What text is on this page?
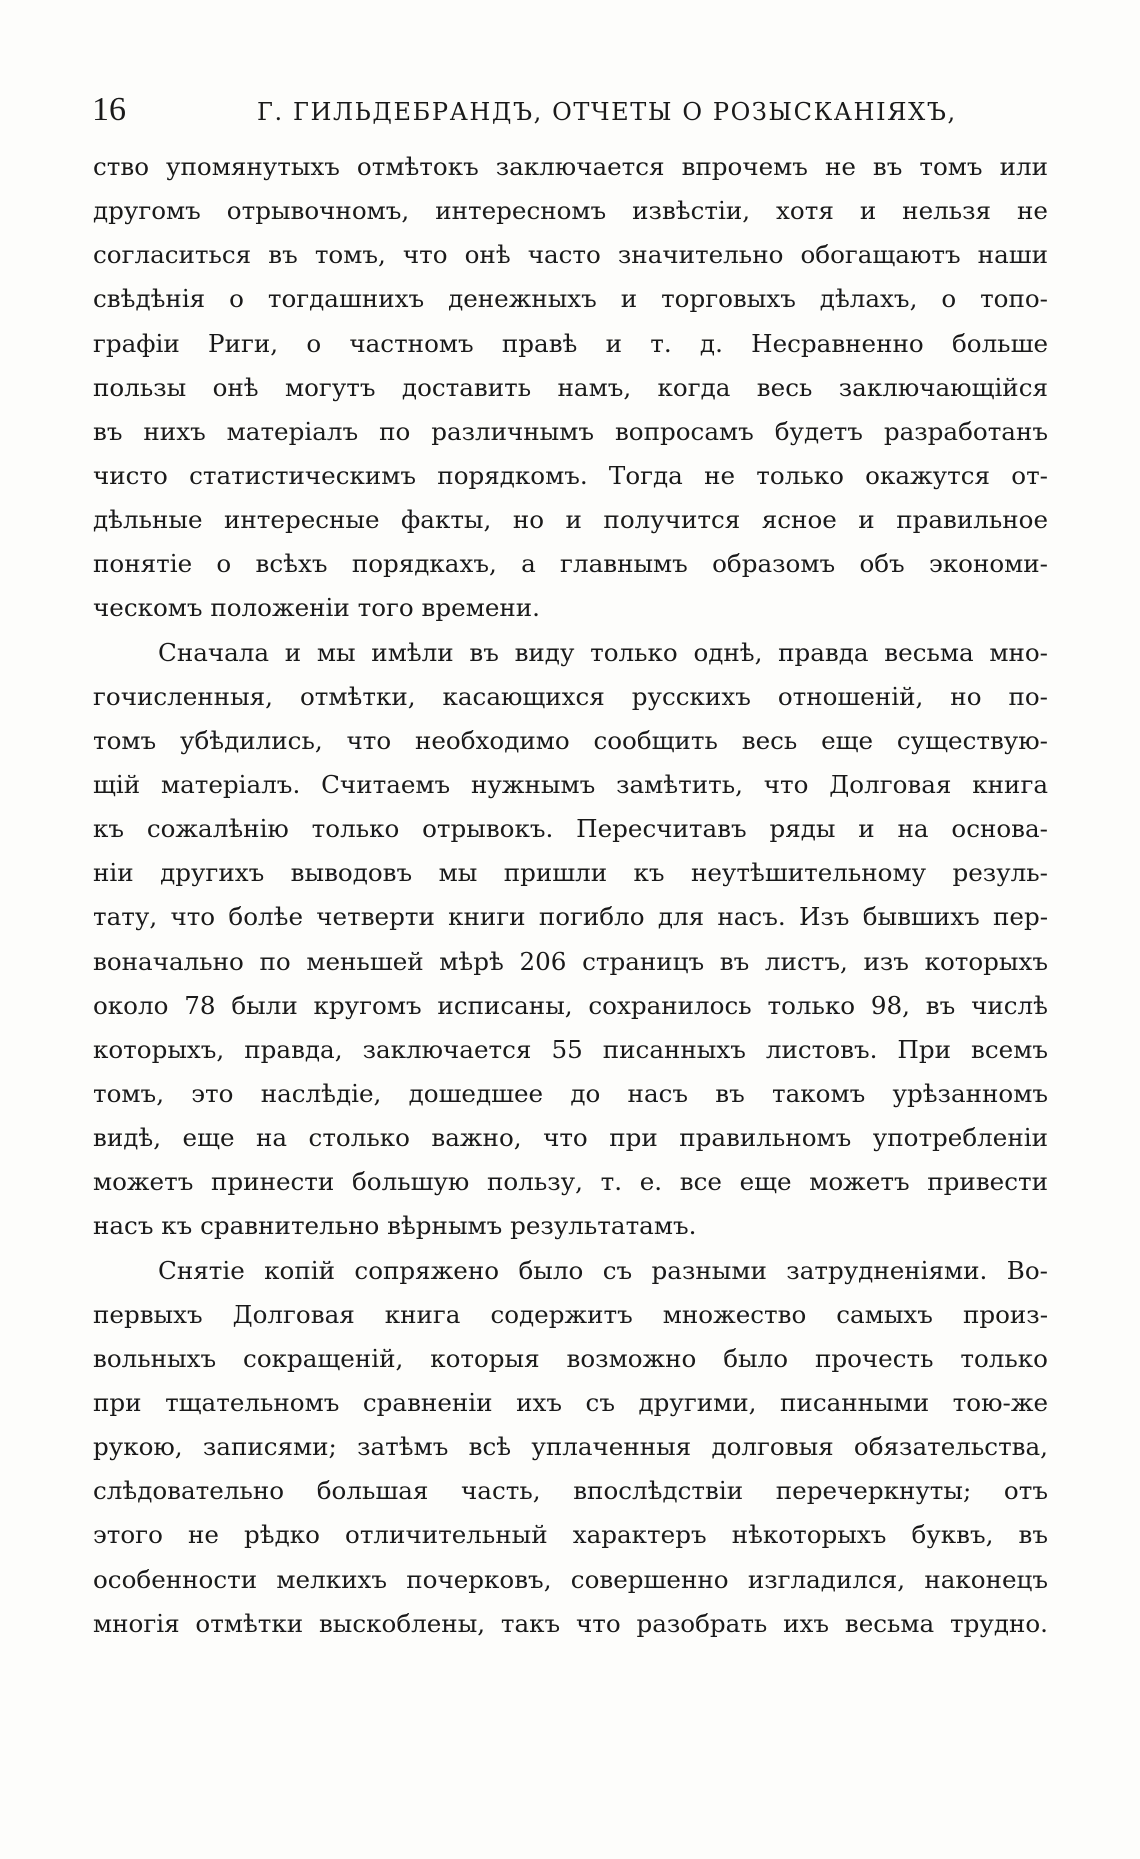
16	Г. ГИЛЬДЕБРАНДЪ, ОТЧЕТЫ О РОЗЫСКАНІЯХЪ,
ство упомянутыхъ отмѣтокъ заключается впрочемъ не въ томъ или
другомъ отрывочномъ, интересномъ извѣстіи, хотя и нельзя не
согласиться въ томъ, что онѣ часто значительно обогащаютъ наши
свѣдѣнія о тогдашнихъ денежныхъ и торговыхъ дѣлахъ, о топо-
графіи Риги, о частномъ правѣ и т. д. Несравненно больше
пользы онѣ могутъ доставить намъ, когда весь заключающійся
въ нихъ матеріалъ по различнымъ вопросамъ будетъ разработанъ
чисто статистическимъ порядкомъ. Тогда не только окажутся от-
дѣльные интересные факты, но и получится ясное и правильное
понятіе о всѣхъ порядкахъ, а главнымъ образомъ объ экономи-
ческомъ положеніи того времени.
Сначала и мы имѣли въ виду только однѣ, правда весьма мно-
гочисленныя, отмѣтки, касающихся русскихъ отношеній, но по-
томъ убѣдились, что необходимо сообщить весь еще существую-
щій матеріалъ. Считаемъ нужнымъ замѣтить, что Долговая книга
къ сожалѣнію только отрывокъ. Пересчитавъ ряды и на основа-
ніи другихъ выводовъ мы пришли къ неутѣшительному резуль-
тату, что болѣе четверти книги погибло для насъ. Изъ бывшихъ пер-
воначально по меньшей мѣрѣ 206 страницъ въ листъ, изъ которыхъ
около 78 были кругомъ исписаны, сохранилось только 98, въ числѣ
которыхъ, правда, заключается 55 писанныхъ листовъ. При всемъ
томъ, это наслѣдіе, дошедшее до насъ въ такомъ урѣзанномъ
видѣ, еще на столько важно, что при правильномъ употребленіи
можетъ принести большую пользу, т. е. все еще можетъ привести
насъ къ сравнительно вѣрнымъ результатамъ.
Снятіе копій сопряжено было съ разными затрудненіями. Во-
первыхъ Долговая книга содержитъ множество самыхъ произ-
вольныхъ сокращеній, которыя возможно было прочесть только
при тщательномъ сравненіи ихъ съ другими, писанными тою-же
рукою, записями; затѣмъ всѣ уплаченныя долговыя обязательства,
слѣдовательно большая часть, впослѣдствіи перечеркнуты; отъ
этого не рѣдко отличительный характеръ нѣкоторыхъ буквъ, въ
особенности мелкихъ почерковъ, совершенно изгладился, наконецъ
многія отмѣтки выскоблены, такъ что разобрать ихъ весьма трудно.
